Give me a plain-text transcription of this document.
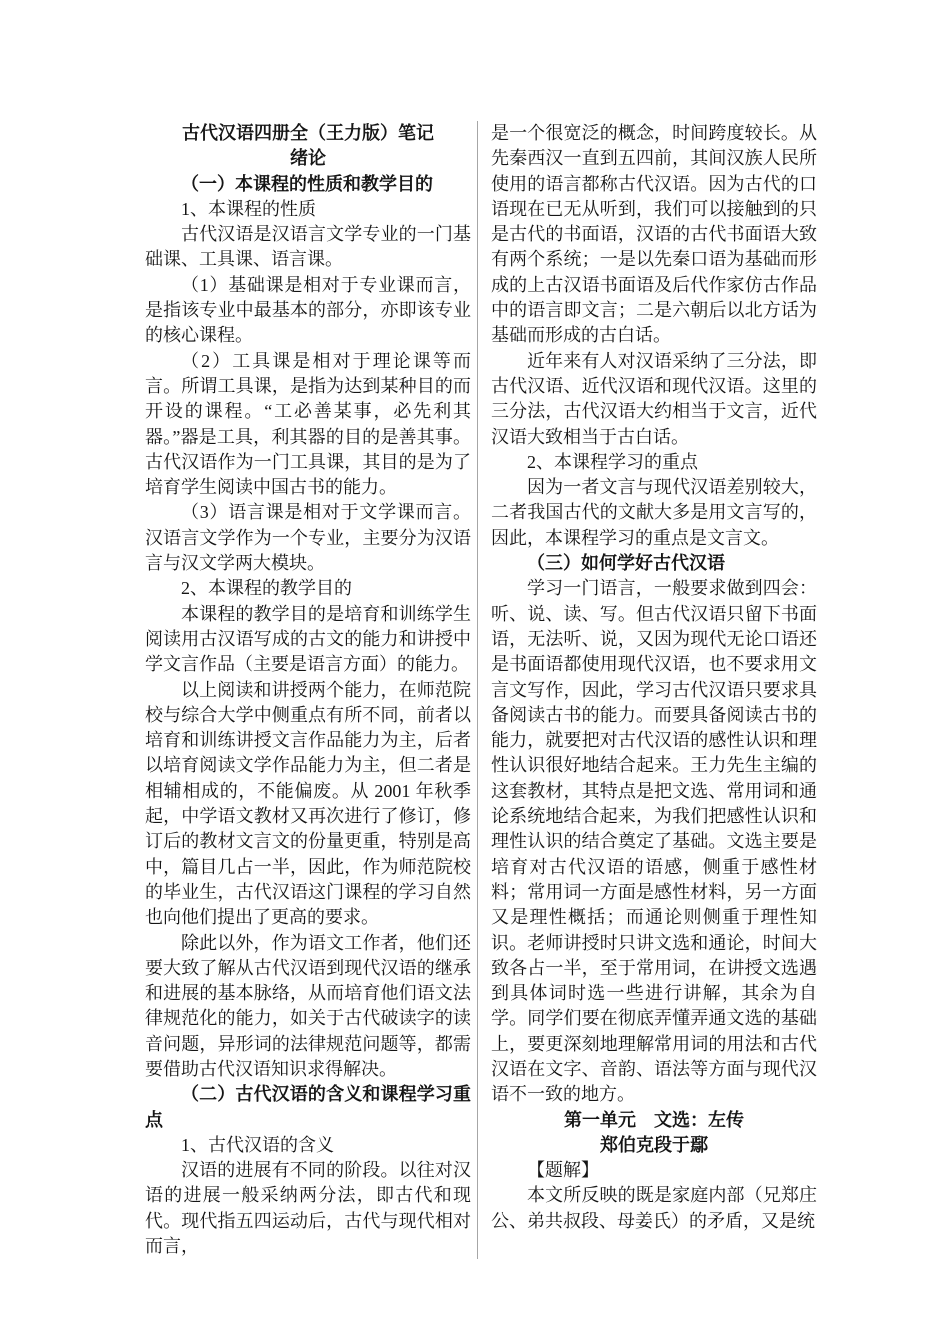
古代汉语四册全（王力版）笔记

绪论

（一）本课程的性质和教学目的

1、本课程的性质

古代汉语是汉语言文学专业的一门基础课、工具课、语言课。

（1）基础课是相对于专业课而言，是指该专业中最基本的部分，亦即该专业的核心课程。

（2）工具课是相对于理论课等而言。所谓工具课，是指为达到某种目的而开设的课程。“工必善某事，必先利其器。”器是工具，利其器的目的是善其事。古代汉语作为一门工具课，其目的是为了培育学生阅读中国古书的能力。

（3）语言课是相对于文学课而言。汉语言文学作为一个专业，主要分为汉语言与汉文学两大模块。

2、本课程的教学目的

本课程的教学目的是培育和训练学生阅读用古汉语写成的古文的能力和讲授中学文言作品（主要是语言方面）的能力。

以上阅读和讲授两个能力，在师范院校与综合大学中侧重点有所不同，前者以培育和训练讲授文言作品能力为主，后者以培育阅读文学作品能力为主，但二者是相辅相成的，不能偏废。从 2001 年秋季起，中学语文教材又再次进行了修订，修订后的教材文言文的份量更重，特别是高中，篇目几占一半，因此，作为师范院校的毕业生，古代汉语这门课程的学习自然也向他们提出了更高的要求。

除此以外，作为语文工作者，他们还要大致了解从古代汉语到现代汉语的继承和进展的基本脉络，从而培育他们语文法律规范化的能力，如关于古代破读字的读音问题，异形词的法律规范问题等，都需要借助古代汉语知识求得解决。

（二）古代汉语的含义和课程学习重点

1、古代汉语的含义

汉语的进展有不同的阶段。以往对汉语的进展一般采纳两分法，即古代和现代。现代指五四运动后，古代与现代相对而言，

是一个很宽泛的概念，时间跨度较长。从先秦西汉一直到五四前，其间汉族人民所使用的语言都称古代汉语。因为古代的口语现在已无从听到，我们可以接触到的只是古代的书面语，汉语的古代书面语大致有两个系统；一是以先秦口语为基础而形成的上古汉语书面语及后代作家仿古作品中的语言即文言；二是六朝后以北方话为基础而形成的古白话。

近年来有人对汉语采纳了三分法，即古代汉语、近代汉语和现代汉语。这里的三分法，古代汉语大约相当于文言，近代汉语大致相当于古白话。

2、本课程学习的重点

因为一者文言与现代汉语差别较大，二者我国古代的文献大多是用文言写的，因此，本课程学习的重点是文言文。

（三）如何学好古代汉语

学习一门语言，一般要求做到四会：听、说、读、写。但古代汉语只留下书面语，无法听、说，又因为现代无论口语还是书面语都使用现代汉语，也不要求用文言文写作，因此，学习古代汉语只要求具备阅读古书的能力。而要具备阅读古书的能力，就要把对古代汉语的感性认识和理性认识很好地结合起来。王力先生主编的这套教材，其特点是把文选、常用词和通论系统地结合起来，为我们把感性认识和理性认识的结合奠定了基础。文选主要是培育对古代汉语的语感，侧重于感性材料；常用词一方面是感性材料，另一方面又是理性概括；而通论则侧重于理性知识。老师讲授时只讲文选和通论，时间大致各占一半，至于常用词，在讲授文选遇到具体词时选一些进行讲解，其余为自学。同学们要在彻底弄懂弄通文选的基础上，要更深刻地理解常用词的用法和古代汉语在文字、音韵、语法等方面与现代汉语不一致的地方。

第一单元　文选：左传

郑伯克段于鄢

【题解】

本文所反映的既是家庭内部（兄郑庄公、弟共叔段、母姜氏）的矛盾，又是统
